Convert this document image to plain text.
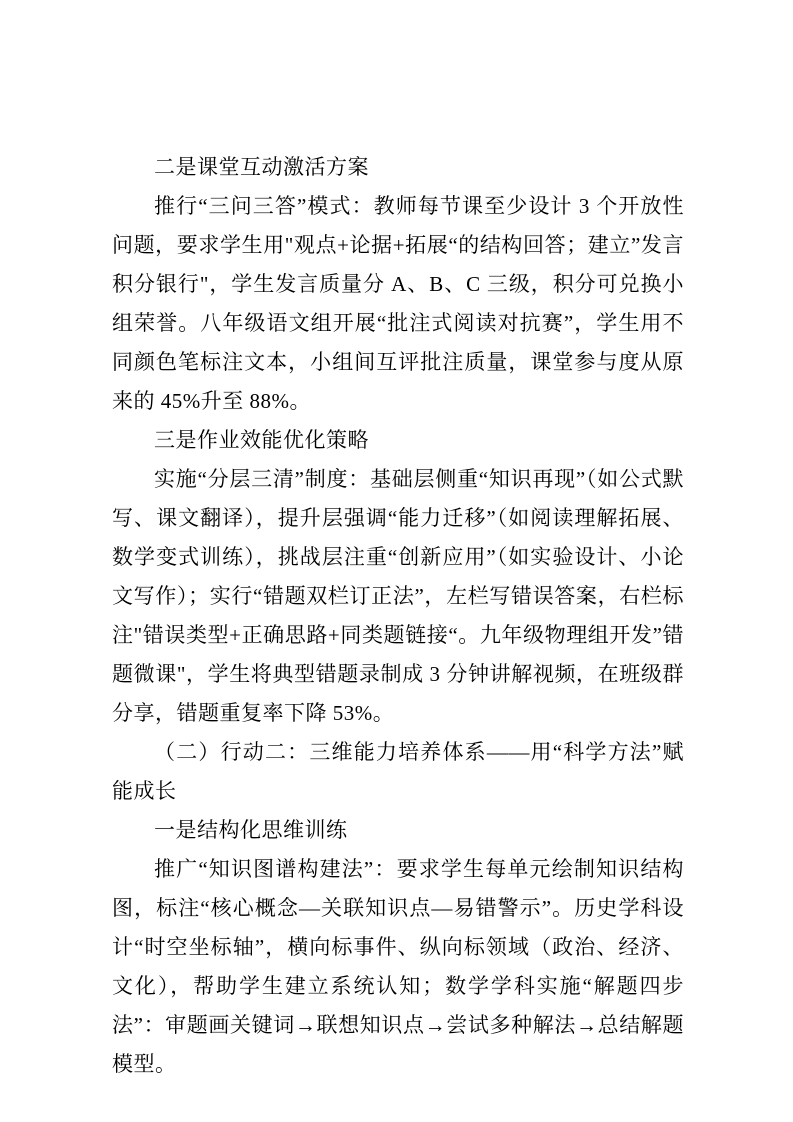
二是课堂互动激活方案

推行“三问三答”模式：教师每节课至少设计 3 个开放性问题，要求学生用"观点+论据+拓展“的结构回答；建立”发言积分银行"，学生发言质量分 A、B、C 三级，积分可兑换小组荣誉。八年级语文组开展“批注式阅读对抗赛”，学生用不同颜色笔标注文本，小组间互评批注质量，课堂参与度从原来的 45%升至 88%。

三是作业效能优化策略

实施“分层三清”制度：基础层侧重“知识再现”（如公式默写、课文翻译），提升层强调“能力迁移”（如阅读理解拓展、数学变式训练），挑战层注重“创新应用”（如实验设计、小论文写作）；实行“错题双栏订正法”，左栏写错误答案，右栏标注"错误类型+正确思路+同类题链接“。九年级物理组开发”错题微课"，学生将典型错题录制成 3 分钟讲解视频，在班级群分享，错题重复率下降 53%。

（二）行动二：三维能力培养体系——用“科学方法”赋能成长

一是结构化思维训练

推广“知识图谱构建法”：要求学生每单元绘制知识结构图，标注“核心概念—关联知识点—易错警示”。历史学科设计“时空坐标轴”，横向标事件、纵向标领域（政治、经济、文化），帮助学生建立系统认知；数学学科实施“解题四步法”：审题画关键词→联想知识点→尝试多种解法→总结解题模型。
